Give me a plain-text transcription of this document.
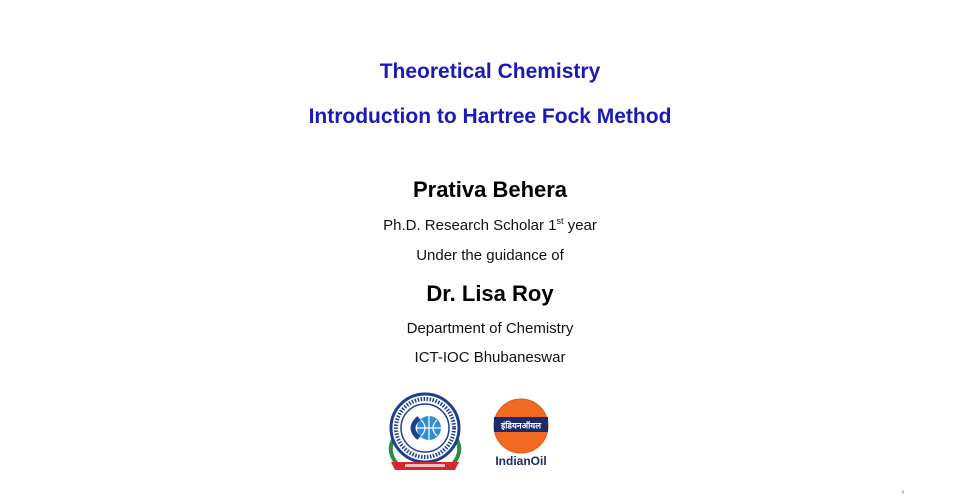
Theoretical Chemistry
Introduction to Hartree Fock Method
Prativa Behera
Ph.D. Research Scholar 1st year
Under the guidance of
Dr. Lisa Roy
Department of Chemistry
ICT-IOC Bhubaneswar
इंडियनऑयल
IndianOil
4
